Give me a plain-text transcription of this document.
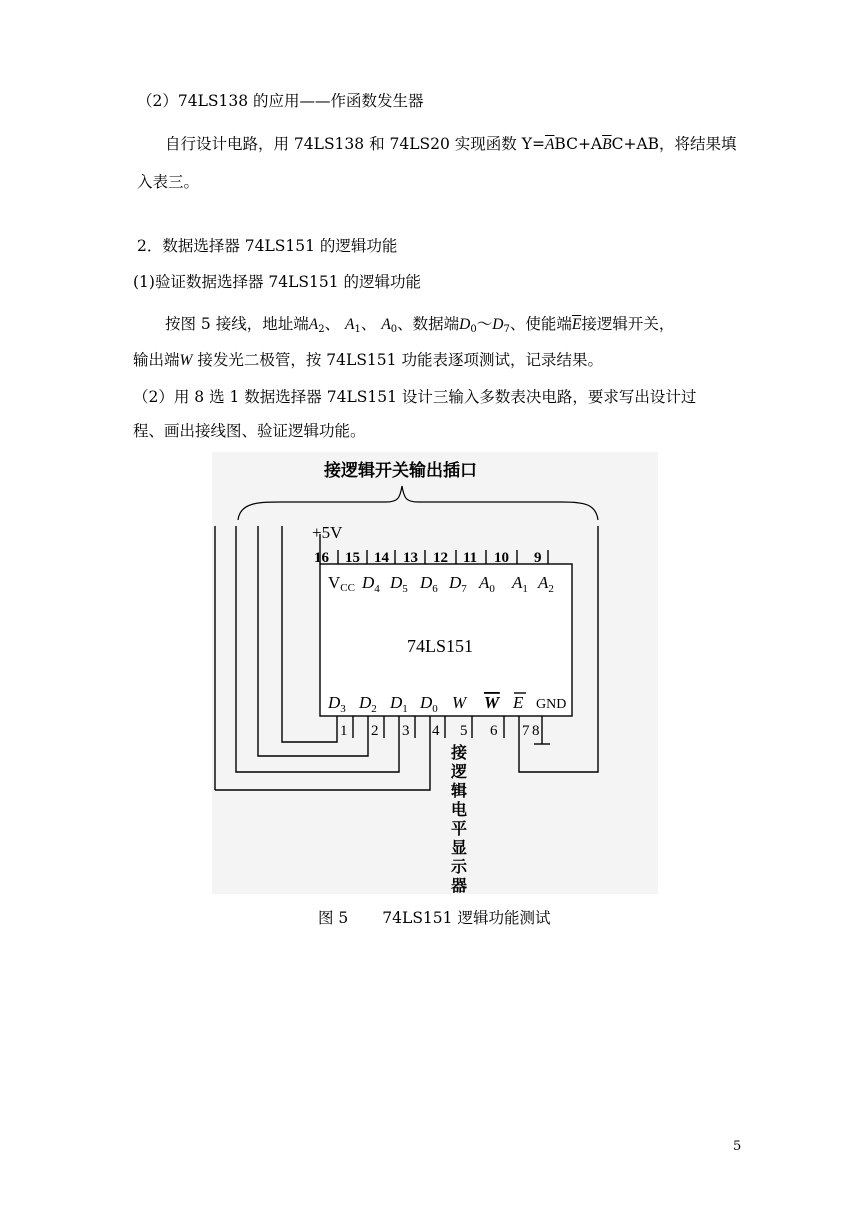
（2）74LS138 的应用——作函数发生器
自行设计电路，用 74LS138 和 74LS20 实现函数 $Y=\overline{A}BC+A\overline{B}C+AB$，将结果填
入表三。
2．数据选择器 74LS151 的逻辑功能
(1)验证数据选择器 74LS151 的逻辑功能
按图 5 接线，地址端$A_2$、 $A_1$、 $A_0$、数据端$D_0\sim D_7$、使能端$\overline{E}$接逻辑开关，
输出端W 接发光二极管，按 74LS151 功能表逐项测试，记录结果。
（2）用 8 选 1 数据选择器 74LS151 设计三输入多数表决电路，要求写出设计过
程、画出接线图、验证逻辑功能。
接逻辑开关输出插口
74LS151
+5V
16 15 14 13 12 11 10 9
VCC $D_4$ $D_5$ $D_6$ $D_7$ $A_0$ $A_1$ $A_2$
$D_3$ $D_2$ $D_1$ $D_0$ W W E GND
1 2 3 4 5 6 7 8
接
逻
辑
电
平
显
示
器
图 5 74LS151 逻辑功能测试
5
